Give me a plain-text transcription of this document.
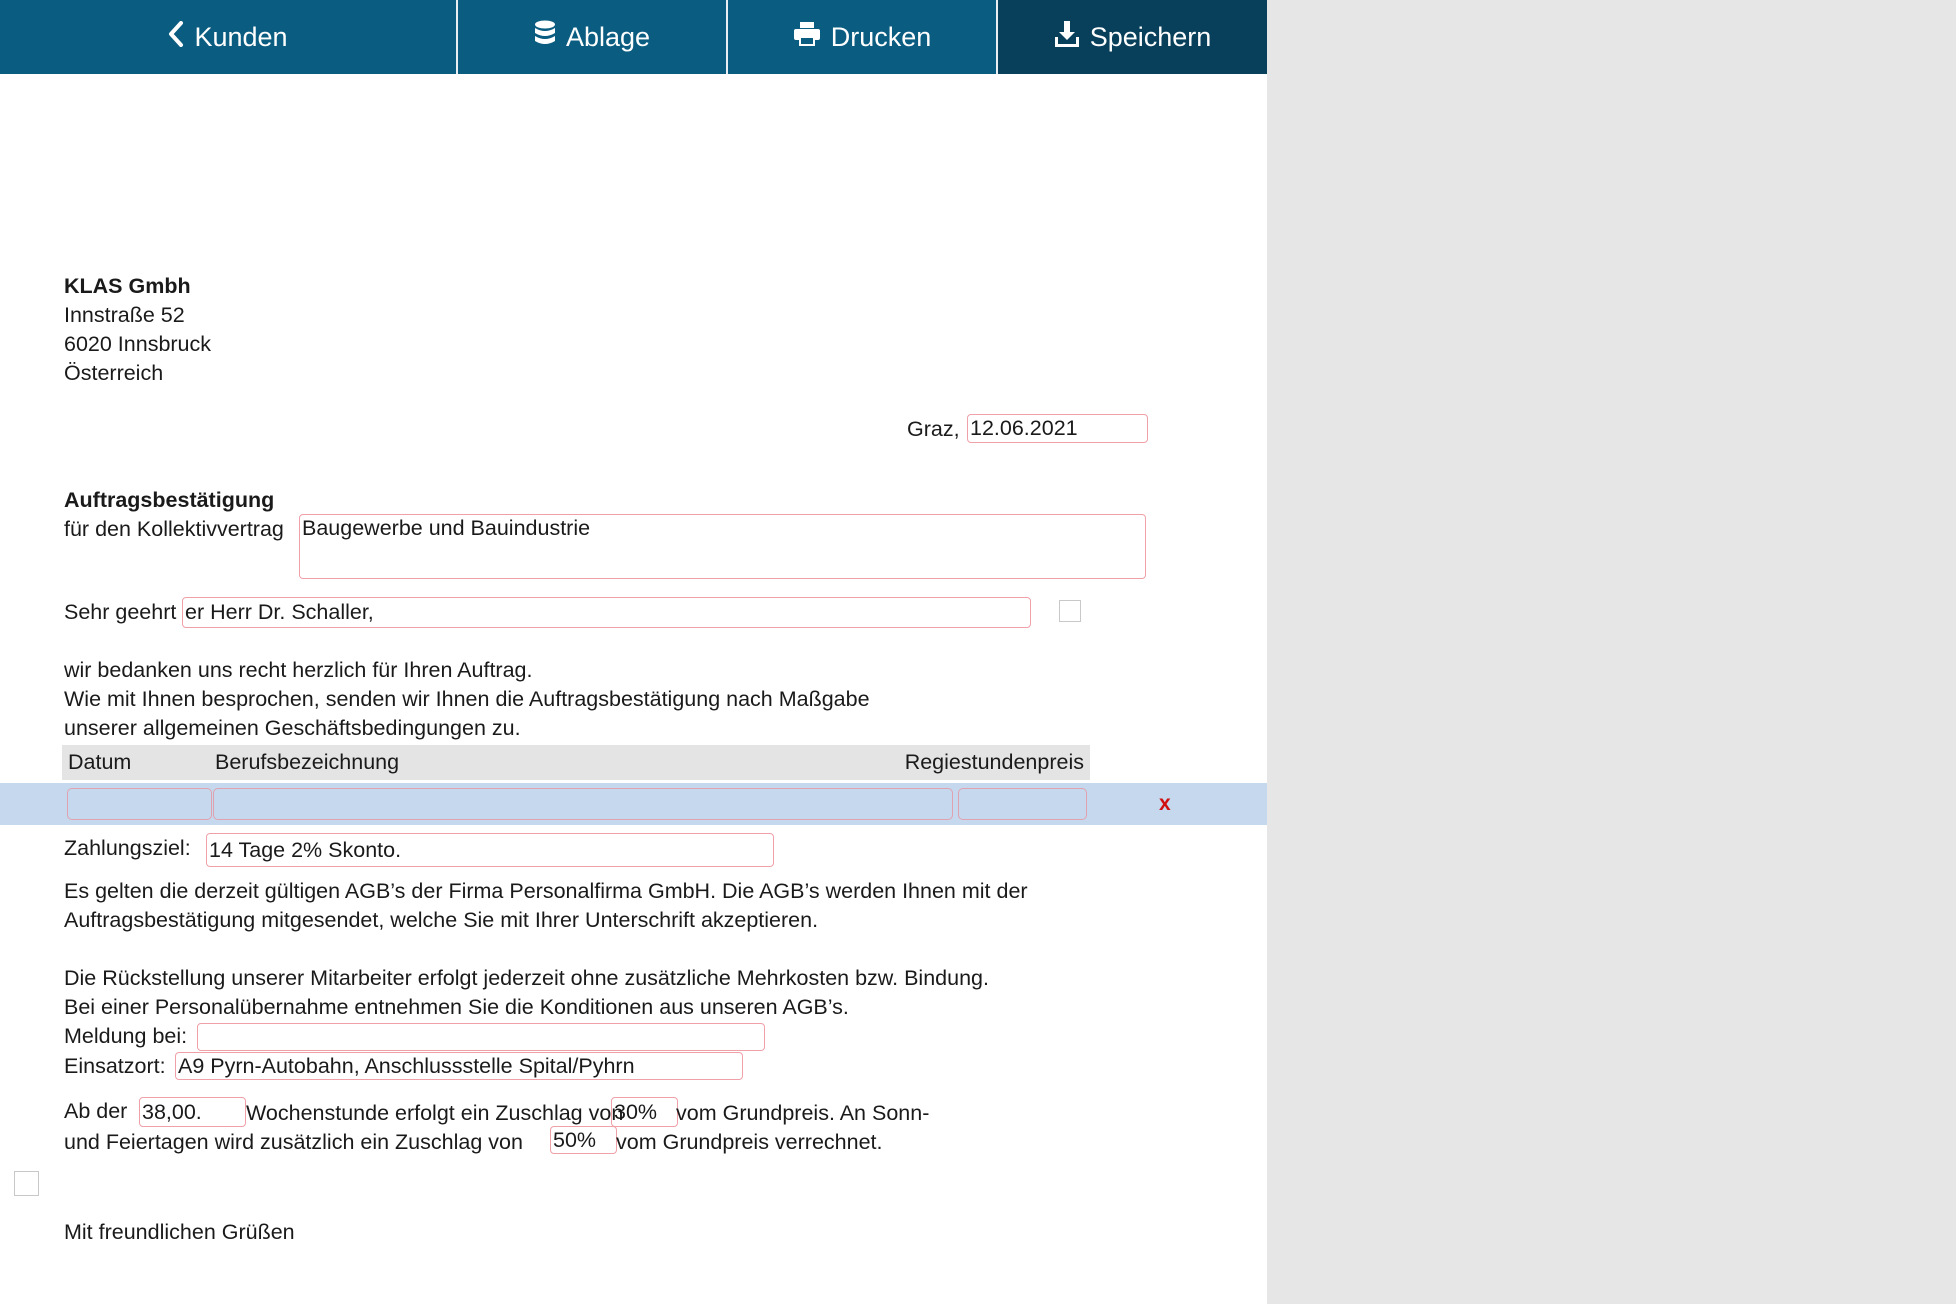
Kunden	Ablage	Drucken	Speichern
KLAS Gmbh
Innstraße 52
6020 Innsbruck
Österreich
Graz,
12.06.2021
Auftragsbestätigung
für den Kollektivvertrag
Baugewerbe und Bauindustrie
Sehr geehrt
er Herr Dr. Schaller,
wir bedanken uns recht herzlich für Ihren Auftrag.
Wie mit Ihnen besprochen, senden wir Ihnen die Auftragsbestätigung nach Maßgabe
unserer allgemeinen Geschäftsbedingungen zu.
Datum	Berufsbezeichnung	Regiestundenpreis
x
Zahlungsziel:
14 Tage 2% Skonto.
Es gelten die derzeit gültigen AGB’s der Firma Personalfirma GmbH. Die AGB’s werden Ihnen mit der
Auftragsbestätigung mitgesendet, welche Sie mit Ihrer Unterschrift akzeptieren.
Die Rückstellung unserer Mitarbeiter erfolgt jederzeit ohne zusätzliche Mehrkosten bzw. Bindung.
Bei einer Personalübernahme entnehmen Sie die Konditionen aus unseren AGB’s.
Meldung bei:
Einsatzort:
A9 Pyrn-Autobahn, Anschlussstelle Spital/Pyhrn
Ab der
38,00.	Wochenstunde erfolgt ein Zuschlag von
30% vom Grundpreis. An Sonn-
und Feiertagen wird zusätzlich ein Zuschlag von
50%	vom Grundpreis verrechnet.
Mit freundlichen Grüßen
